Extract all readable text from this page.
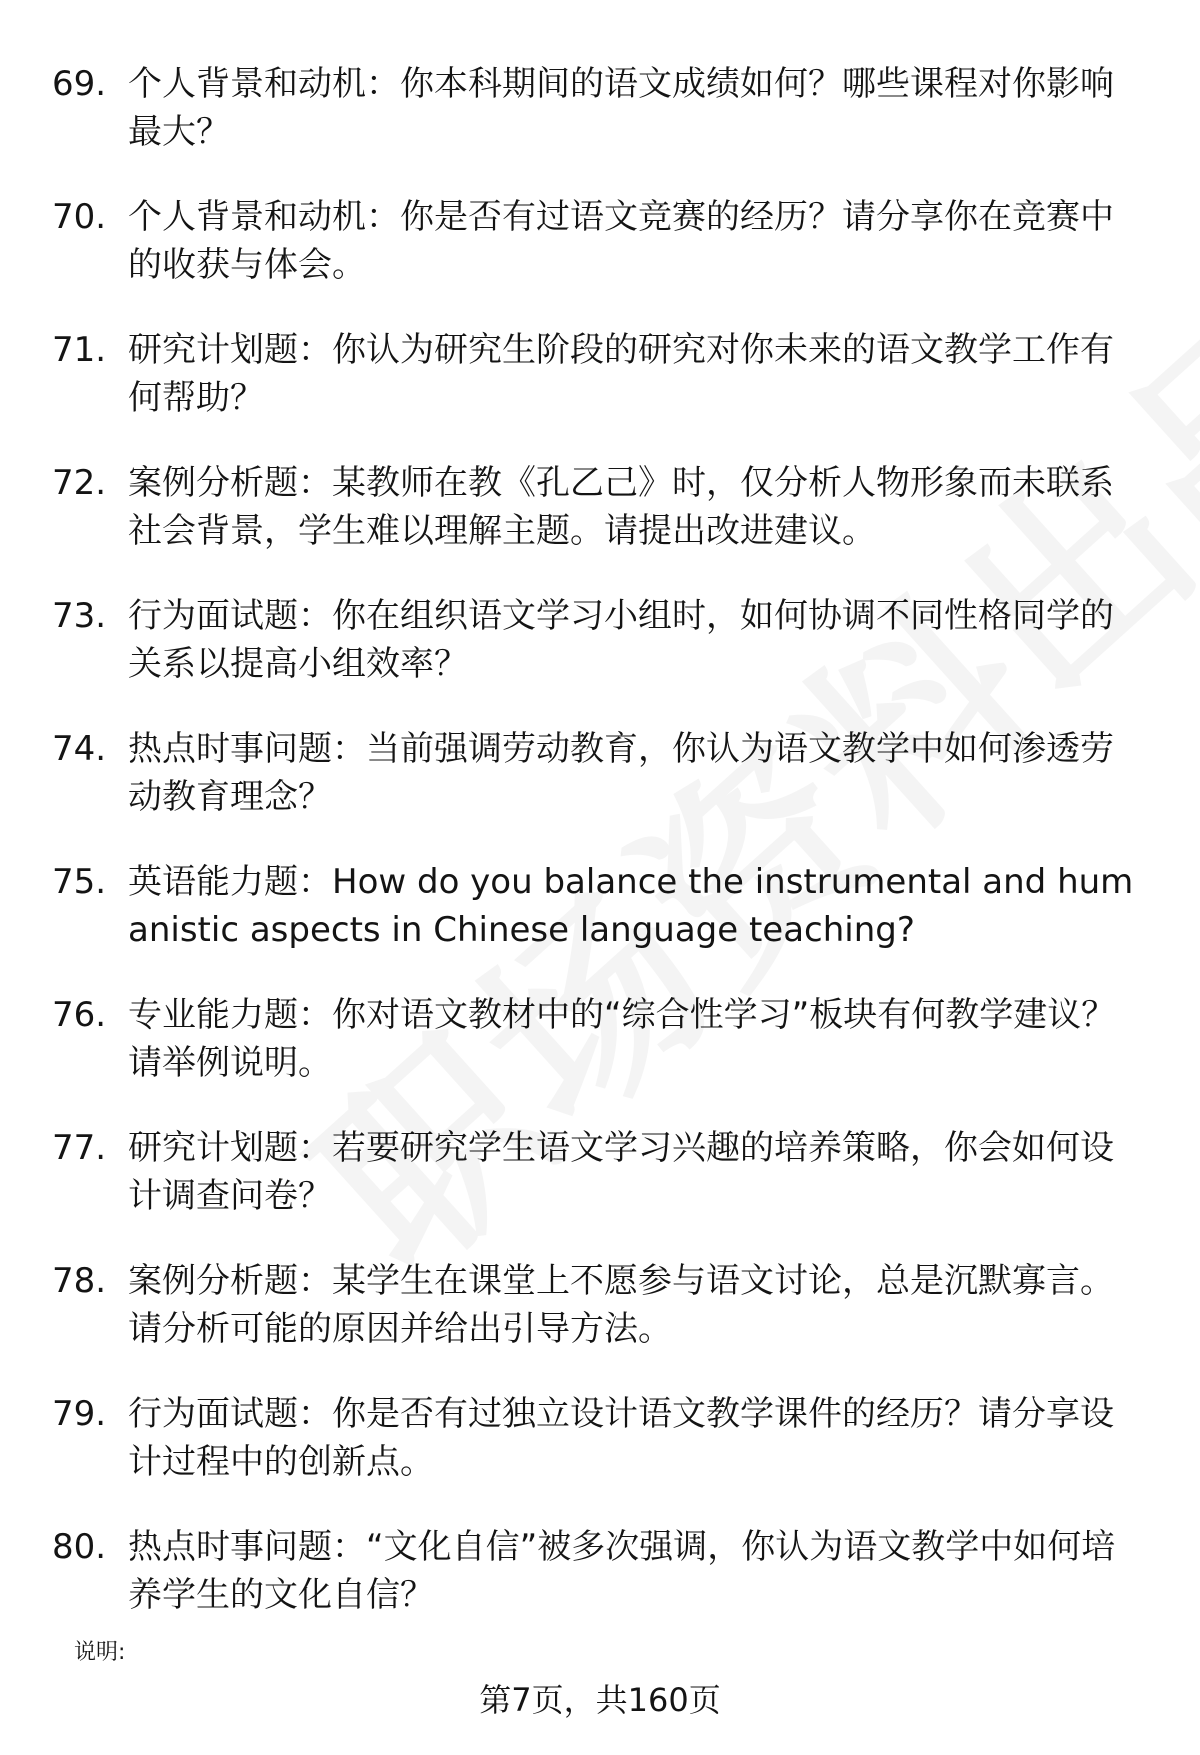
69. 个人背景和动机：你本科期间的语文成绩如何？哪些课程对你影响最大？
70. 个人背景和动机：你是否有过语文竞赛的经历？请分享你在竞赛中的收获与体会。
71. 研究计划题：你认为研究生阶段的研究对你未来的语文教学工作有何帮助？
72. 案例分析题：某教师在教《孔乙己》时，仅分析人物形象而未联系社会背景，学生难以理解主题。请提出改进建议。
73. 行为面试题：你在组织语文学习小组时，如何协调不同性格同学的关系以提高小组效率？
74. 热点时事问题：当前强调劳动教育，你认为语文教学中如何渗透劳动教育理念？
75. 英语能力题：How do you balance the instrumental and humanistic aspects in Chinese language teaching?
76. 专业能力题：你对语文教材中的“综合性学习”板块有何教学建议？请举例说明。
77. 研究计划题：若要研究学生语文学习兴趣的培养策略，你会如何设计调查问卷？
78. 案例分析题：某学生在课堂上不愿参与语文讨论，总是沉默寡言。请分析可能的原因并给出引导方法。
79. 行为面试题：你是否有过独立设计语文教学课件的经历？请分享设计过程中的创新点。
80. 热点时事问题：“文化自信”被多次强调，你认为语文教学中如何培养学生的文化自信？
说明:
第7页，共160页
